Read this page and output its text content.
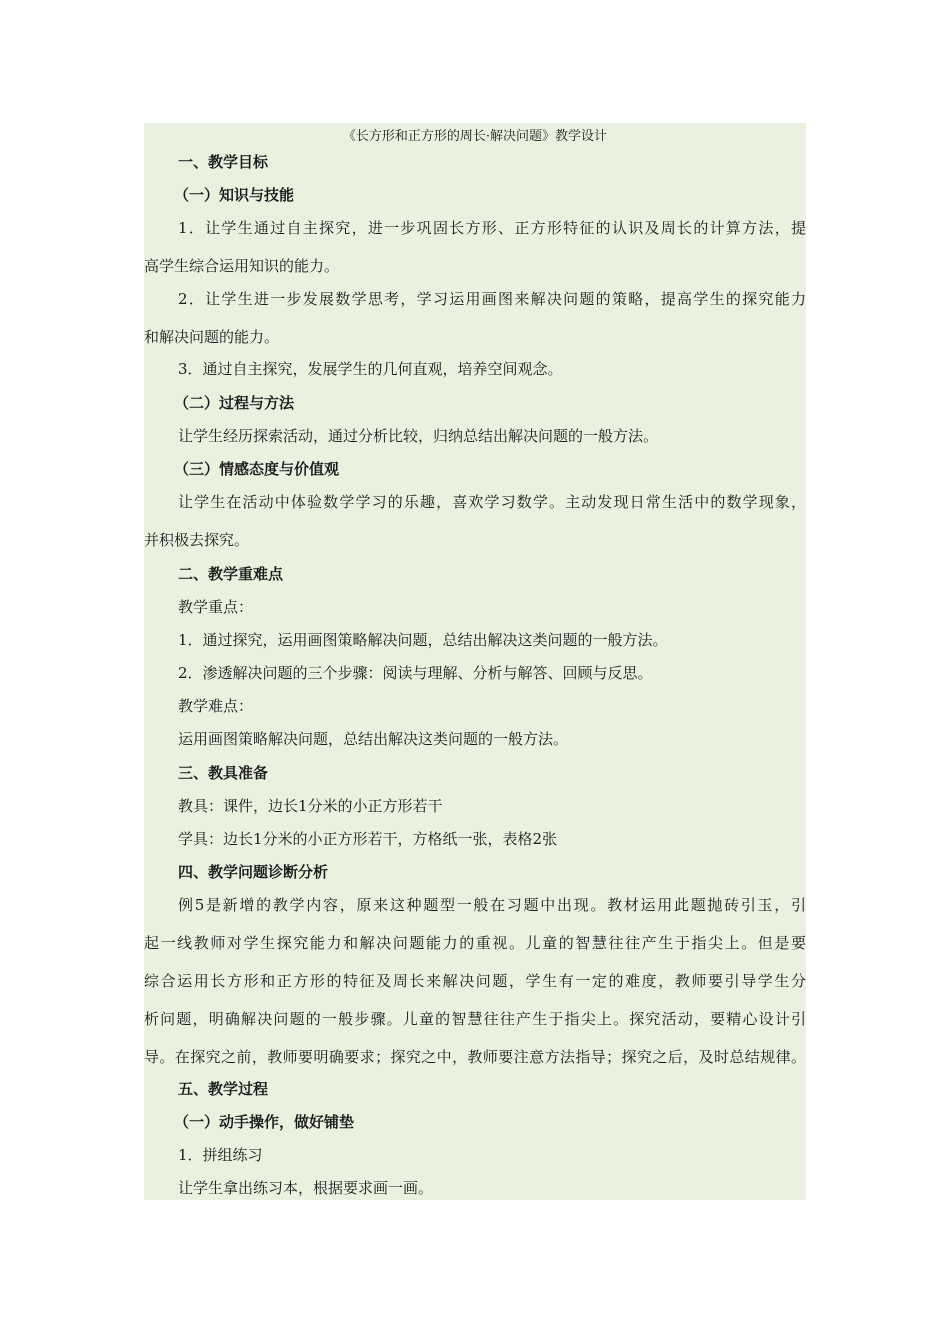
《长方形和正方形的周长·解决问题》教学设计
一、教学目标
（一）知识与技能
1．让学生通过自主探究，进一步巩固长方形、正方形特征的认识及周长的计算方法，提
高学生综合运用知识的能力。
2．让学生进一步发展数学思考，学习运用画图来解决问题的策略，提高学生的探究能力
和解决问题的能力。
3．通过自主探究，发展学生的几何直观，培养空间观念。
（二）过程与方法
让学生经历探索活动，通过分析比较，归纳总结出解决问题的一般方法。
（三）情感态度与价值观
让学生在活动中体验数学学习的乐趣，喜欢学习数学。主动发现日常生活中的数学现象，
并积极去探究。
二、教学重难点
教学重点：
1．通过探究，运用画图策略解决问题，总结出解决这类问题的一般方法。
2．渗透解决问题的三个步骤：阅读与理解、分析与解答、回顾与反思。
教学难点：
运用画图策略解决问题，总结出解决这类问题的一般方法。
三、教具准备
教具：课件，边长1分米的小正方形若干
学具：边长1分米的小正方形若干，方格纸一张，表格2张
四、教学问题诊断分析
例5是新增的教学内容，原来这种题型一般在习题中出现。教材运用此题抛砖引玉，引
起一线教师对学生探究能力和解决问题能力的重视。儿童的智慧往往产生于指尖上。但是要
综合运用长方形和正方形的特征及周长来解决问题，学生有一定的难度，教师要引导学生分
析问题，明确解决问题的一般步骤。儿童的智慧往往产生于指尖上。探究活动，要精心设计引
导。在探究之前，教师要明确要求；探究之中，教师要注意方法指导；探究之后，及时总结规律。
五、教学过程
（一）动手操作，做好铺垫
1．拼组练习
让学生拿出练习本，根据要求画一画。
